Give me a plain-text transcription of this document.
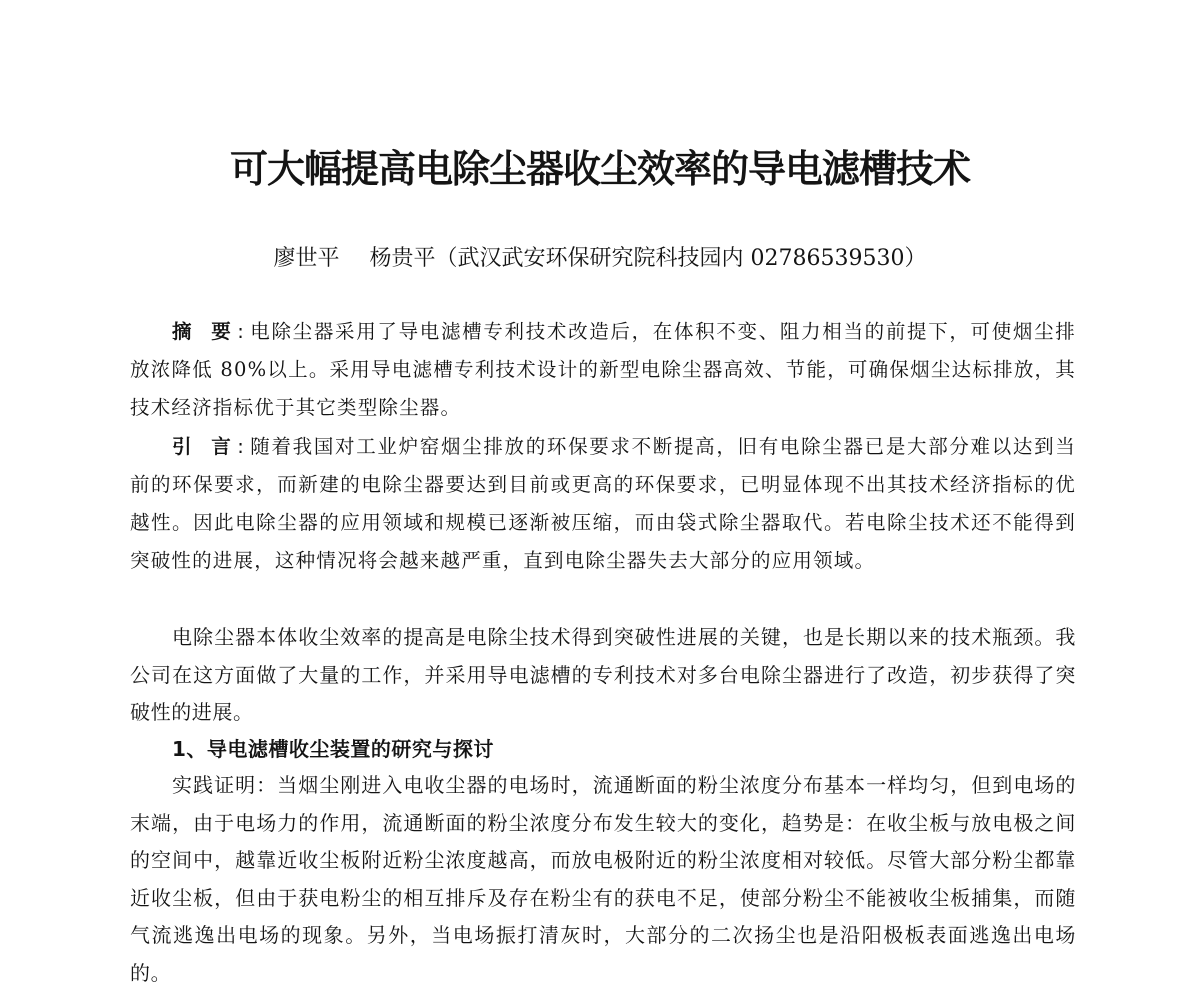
可大幅提高电除尘器收尘效率的导电滤槽技术

廖世平 杨贵平（武汉武安环保研究院科技园内 02786539530）

摘 要:电除尘器采用了导电滤槽专利技术改造后，在体积不变、阻力相当的前提下，可使烟尘排放浓降低 80%以上。采用导电滤槽专利技术设计的新型电除尘器高效、节能，可确保烟尘达标排放，其技术经济指标优于其它类型除尘器。

引 言:随着我国对工业炉窑烟尘排放的环保要求不断提高，旧有电除尘器已是大部分难以达到当前的环保要求，而新建的电除尘器要达到目前或更高的环保要求，已明显体现不出其技术经济指标的优越性。因此电除尘器的应用领域和规模已逐渐被压缩，而由袋式除尘器取代。若电除尘技术还不能得到突破性的进展，这种情况将会越来越严重，直到电除尘器失去大部分的应用领域。

电除尘器本体收尘效率的提高是电除尘技术得到突破性进展的关键，也是长期以来的技术瓶颈。我公司在这方面做了大量的工作，并采用导电滤槽的专利技术对多台电除尘器进行了改造，初步获得了突破性的进展。

1、导电滤槽收尘装置的研究与探讨

实践证明：当烟尘刚进入电收尘器的电场时，流通断面的粉尘浓度分布基本一样均匀，但到电场的末端，由于电场力的作用，流通断面的粉尘浓度分布发生较大的变化，趋势是：在收尘板与放电极之间的空间中，越靠近收尘板附近粉尘浓度越高，而放电极附近的粉尘浓度相对较低。尽管大部分粉尘都靠近收尘板，但由于获电粉尘的相互排斥及存在粉尘有的获电不足，使部分粉尘不能被收尘板捕集，而随气流逃逸出电场的现象。另外，当电场振打清灰时，大部分的二次扬尘也是沿阳极板表面逃逸出电场的。
